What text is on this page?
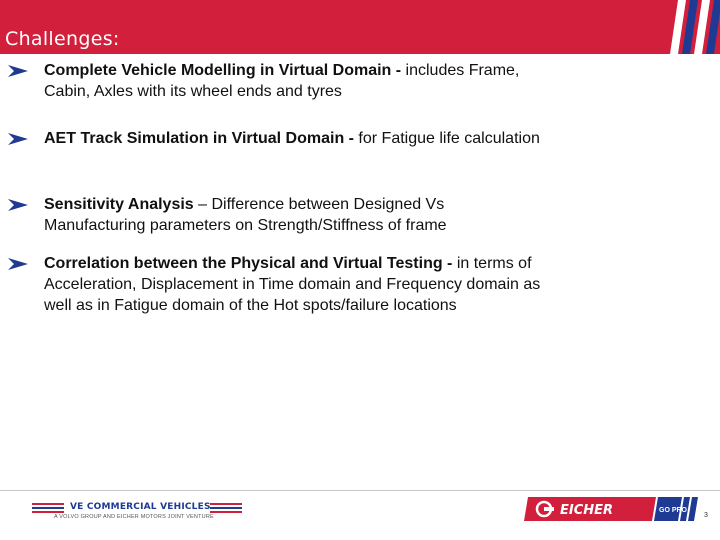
Challenges:
Complete Vehicle Modelling in Virtual Domain - includes Frame, Cabin, Axles with its wheel ends and tyres
AET Track Simulation in Virtual Domain - for Fatigue life calculation
Sensitivity Analysis – Difference between Designed Vs Manufacturing parameters on Strength/Stiffness of frame
Correlation between the Physical and Virtual Testing - in terms of Acceleration, Displacement in Time domain and Frequency domain as well as in Fatigue domain of the Hot spots/failure locations
VE COMMERCIAL VEHICLES
A VOLVO GROUP AND EICHER MOTORS JOINT VENTURE	EICHER	GO PRO
3
